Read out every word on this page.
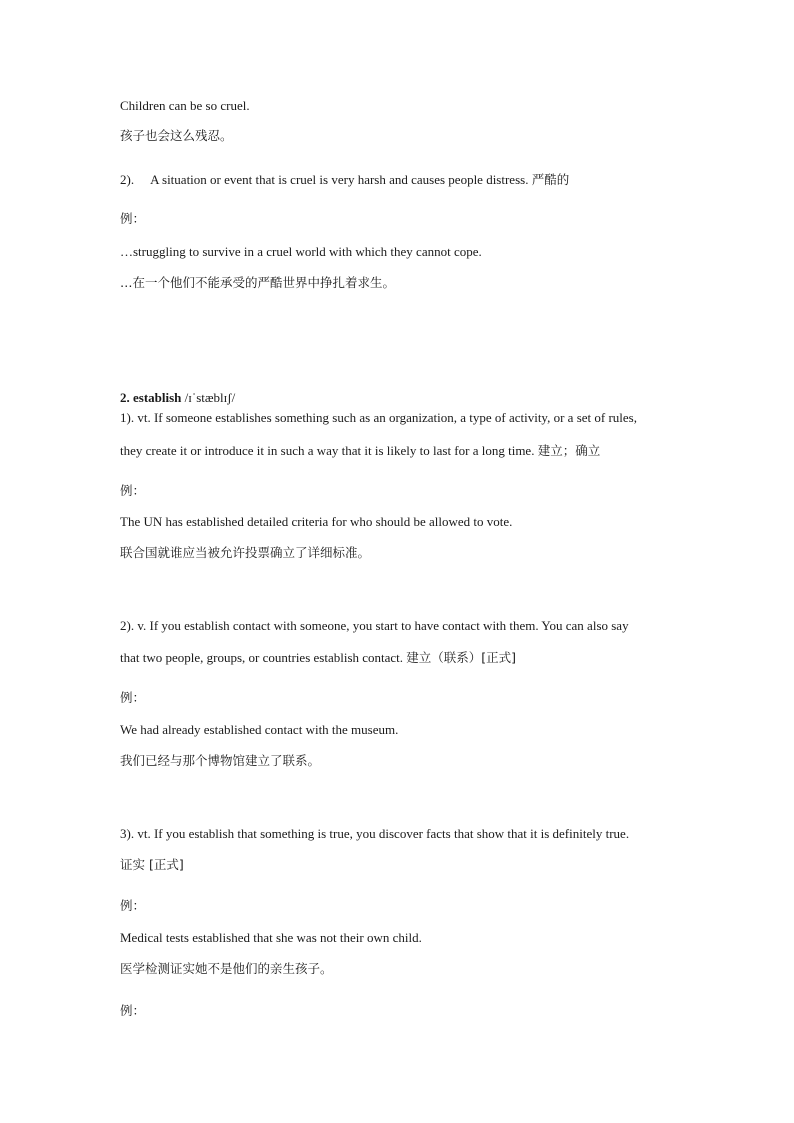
Children can be so cruel.
孩子也会这么残忍。
2). A situation or event that is cruel is very harsh and causes people distress. 严酷的
例：
…struggling to survive in a cruel world with which they cannot cope.
…在一个他们不能承受的严酷世界中挣扎着求生。
2. establish /ɪˈstæblɪʃ/
1). vt. If someone establishes something such as an organization, a type of activity, or a set of rules,
they create it or introduce it in such a way that it is likely to last for a long time. 建立；确立
例：
The UN has established detailed criteria for who should be allowed to vote.
联合国就谁应当被允许投票确立了详细标准。
2). v. If you establish contact with someone, you start to have contact with them. You can also say
that two people, groups, or countries establish contact. 建立（联系）[正式]
例：
We had already established contact with the museum.
我们已经与那个博物馆建立了联系。
3). vt. If you establish that something is true, you discover facts that show that it is definitely true.
证实 [正式]
例：
Medical tests established that she was not their own child.
医学检测证实她不是他们的亲生孩子。
例：
